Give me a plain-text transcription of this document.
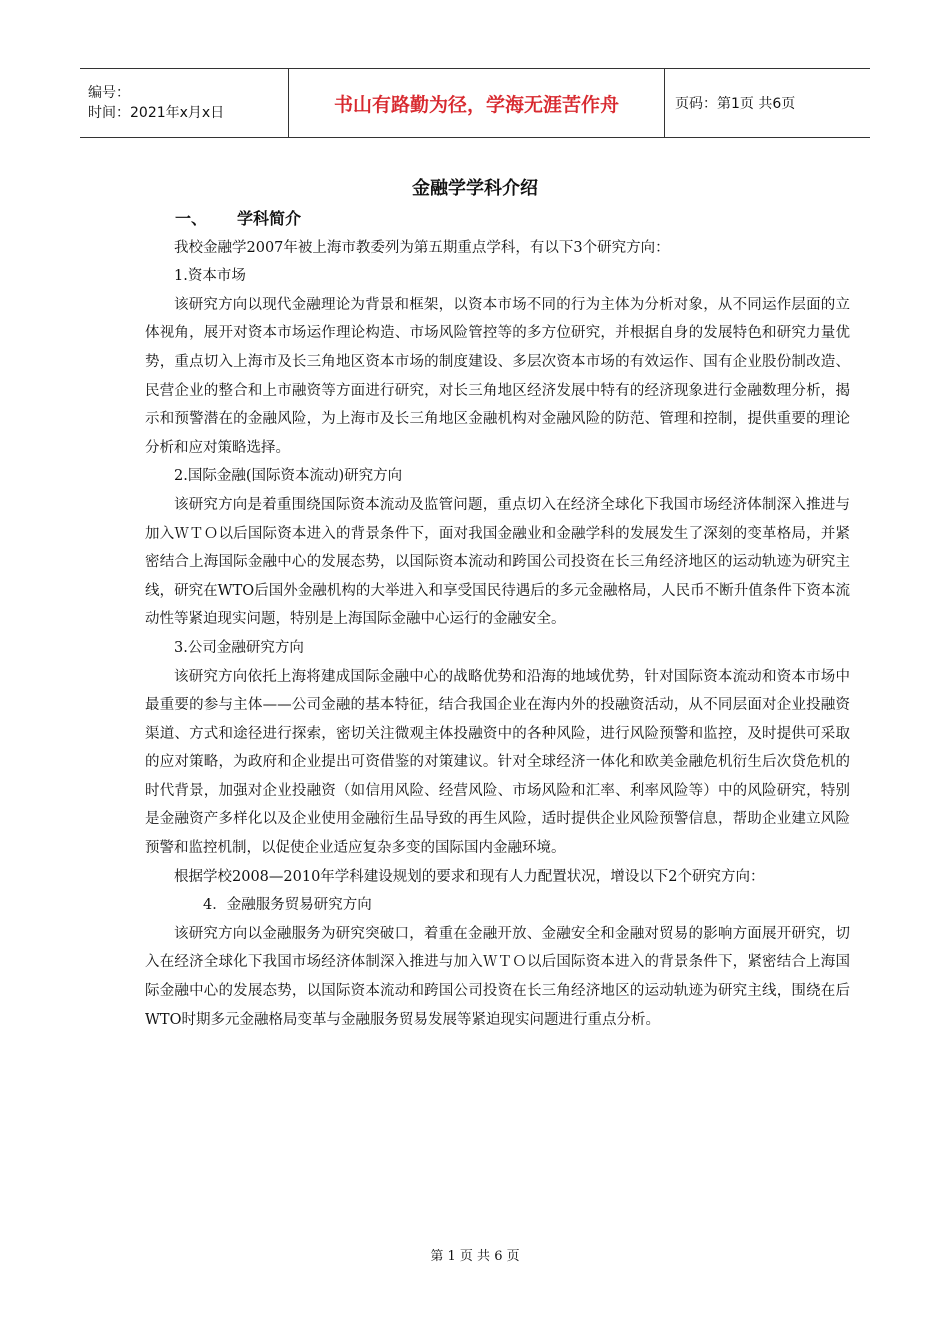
编号：
时间：2021年x月x日	书山有路勤为径，学海无涯苦作舟	页码：第1页 共6页
金融学学科介绍

一、 学科简介

我校金融学2007年被上海市教委列为第五期重点学科，有以下3个研究方向：

1.资本市场

该研究方向以现代金融理论为背景和框架，以资本市场不同的行为主体为分析对象，从不同运作层面的立体视角，展开对资本市场运作理论构造、市场风险管控等的多方位研究，并根据自身的发展特色和研究力量优势，重点切入上海市及长三角地区资本市场的制度建设、多层次资本市场的有效运作、国有企业股份制改造、民营企业的整合和上市融资等方面进行研究，对长三角地区经济发展中特有的经济现象进行金融数理分析，揭示和预警潜在的金融风险，为上海市及长三角地区金融机构对金融风险的防范、管理和控制，提供重要的理论分析和应对策略选择。

2.国际金融(国际资本流动)研究方向

该研究方向是着重围绕国际资本流动及监管问题，重点切入在经济全球化下我国市场经济体制深入推进与加入ＷＴＯ以后国际资本进入的背景条件下，面对我国金融业和金融学科的发展发生了深刻的变革格局，并紧密结合上海国际金融中心的发展态势，以国际资本流动和跨国公司投资在长三角经济地区的运动轨迹为研究主线，研究在WTO后国外金融机构的大举进入和享受国民待遇后的多元金融格局，人民币不断升值条件下资本流动性等紧迫现实问题，特别是上海国际金融中心运行的金融安全。

3.公司金融研究方向

该研究方向依托上海将建成国际金融中心的战略优势和沿海的地域优势，针对国际资本流动和资本市场中最重要的参与主体——公司金融的基本特征，结合我国企业在海内外的投融资活动，从不同层面对企业投融资渠道、方式和途径进行探索，密切关注微观主体投融资中的各种风险，进行风险预警和监控，及时提供可采取的应对策略，为政府和企业提出可资借鉴的对策建议。针对全球经济一体化和欧美金融危机衍生后次贷危机的时代背景，加强对企业投融资（如信用风险、经营风险、市场风险和汇率、利率风险等）中的风险研究，特别是金融资产多样化以及企业使用金融衍生品导致的再生风险，适时提供企业风险预警信息，帮助企业建立风险预警和监控机制，以促使企业适应复杂多变的国际国内金融环境。

根据学校2008—2010年学科建设规划的要求和现有人力配置状况，增设以下2个研究方向：

4．金融服务贸易研究方向

该研究方向以金融服务为研究突破口，着重在金融开放、金融安全和金融对贸易的影响方面展开研究，切入在经济全球化下我国市场经济体制深入推进与加入ＷＴＯ以后国际资本进入的背景条件下，紧密结合上海国际金融中心的发展态势，以国际资本流动和跨国公司投资在长三角经济地区的运动轨迹为研究主线，围绕在后WTO时期多元金融格局变革与金融服务贸易发展等紧迫现实问题进行重点分析。

第 1 页 共 6 页
